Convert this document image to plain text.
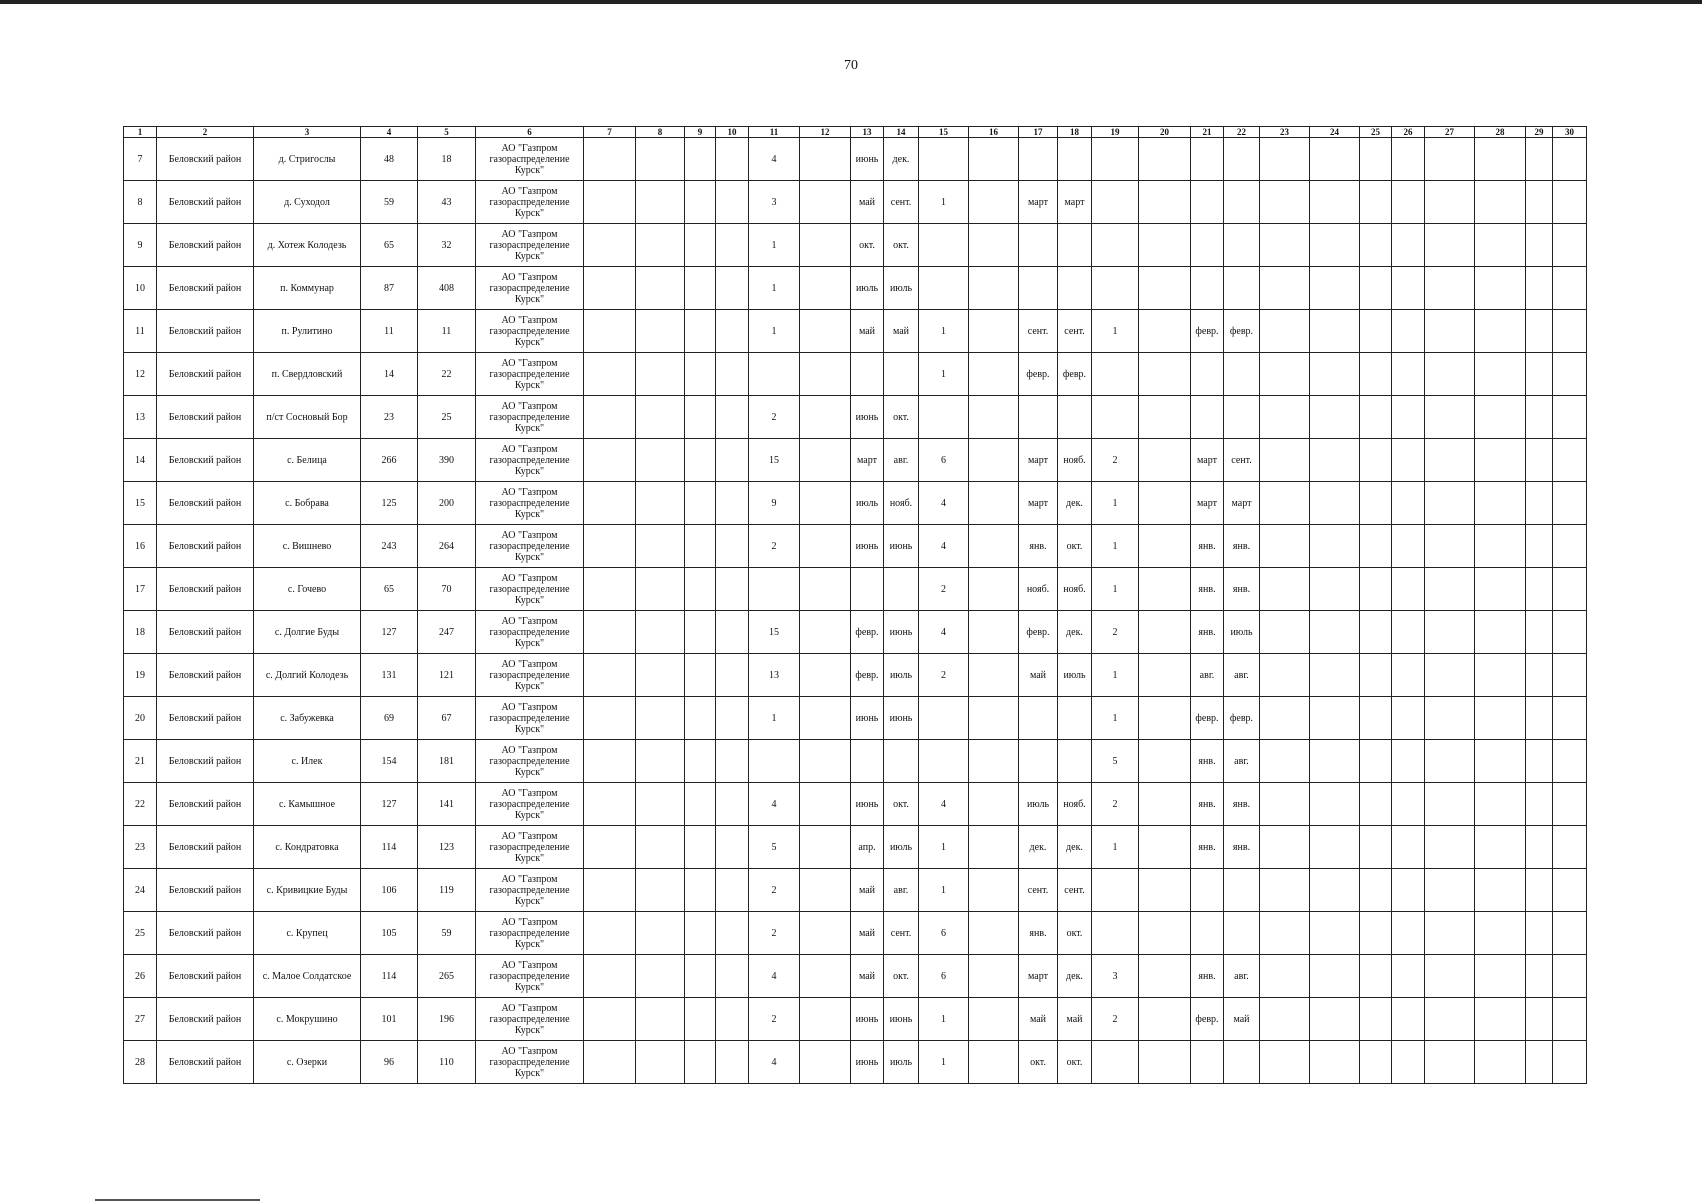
70
1	2	3	4	5	6	7	8	9	10	11	12	13	14	15	16	17	18	19	20	21	22	23	24	25	26	27	28	29	30
7	Беловский район	д. Стригослы	48	18	АО "Газпром газораспределение Курск"					4		июнь	дек.																
8	Беловский район	д. Суходол	59	43	АО "Газпром газораспределение Курск"					3		май	сент.	1		март	март												
9	Беловский район	д. Хотеж Колодезь	65	32	АО "Газпром газораспределение Курск"					1		окт.	окт.																
10	Беловский район	п. Коммунар	87	408	АО "Газпром газораспределение Курск"					1		июль	июль																
11	Беловский район	п. Рулитино	11	11	АО "Газпром газораспределение Курск"					1		май	май	1		сент.	сент.	1		февр.	февр.								
12	Беловский район	п. Свердловский	14	22	АО "Газпром газораспределение Курск"									1		февр.	февр.												
13	Беловский район	п/ст Сосновый Бор	23	25	АО "Газпром газораспределение Курск"					2		июнь	окт.																
14	Беловский район	с. Белица	266	390	АО "Газпром газораспределение Курск"					15		март	авг.	6		март	нояб.	2		март	сент.								
15	Беловский район	с. Бобрава	125	200	АО "Газпром газораспределение Курск"					9		июль	нояб.	4		март	дек.	1		март	март								
16	Беловский район	с. Вишнево	243	264	АО "Газпром газораспределение Курск"					2		июнь	июнь	4		янв.	окт.	1		янв.	янв.								
17	Беловский район	с. Гочево	65	70	АО "Газпром газораспределение Курск"									2		нояб.	нояб.	1		янв.	янв.								
18	Беловский район	с. Долгие Буды	127	247	АО "Газпром газораспределение Курск"					15		февр.	июнь	4		февр.	дек.	2		янв.	июль								
19	Беловский район	с. Долгий Колодезь	131	121	АО "Газпром газораспределение Курск"					13		февр.	июль	2		май	июль	1		авг.	авг.								
20	Беловский район	с. Забужевка	69	67	АО "Газпром газораспределение Курск"					1		июнь	июнь					1		февр.	февр.								
21	Беловский район	с. Илек	154	181	АО "Газпром газораспределение Курск"													5		янв.	авг.								
22	Беловский район	с. Камышное	127	141	АО "Газпром газораспределение Курск"					4		июнь	окт.	4		июль	нояб.	2		янв.	янв.								
23	Беловский район	с. Кондратовка	114	123	АО "Газпром газораспределение Курск"					5		апр.	июль	1		дек.	дек.	1		янв.	янв.								
24	Беловский район	с. Кривицкие Буды	106	119	АО "Газпром газораспределение Курск"					2		май	авг.	1		сент.	сент.												
25	Беловский район	с. Крупец	105	59	АО "Газпром газораспределение Курск"					2		май	сент.	6		янв.	окт.												
26	Беловский район	с. Малое Солдатское	114	265	АО "Газпром газораспределение Курск"					4		май	окт.	6		март	дек.	3		янв.	авг.								
27	Беловский район	с. Мокрушино	101	196	АО "Газпром газораспределение Курск"					2		июнь	июнь	1		май	май	2		февр.	май								
28	Беловский район	с. Озерки	96	110	АО "Газпром газораспределение Курск"					4		июнь	июль	1		окт.	окт.												
